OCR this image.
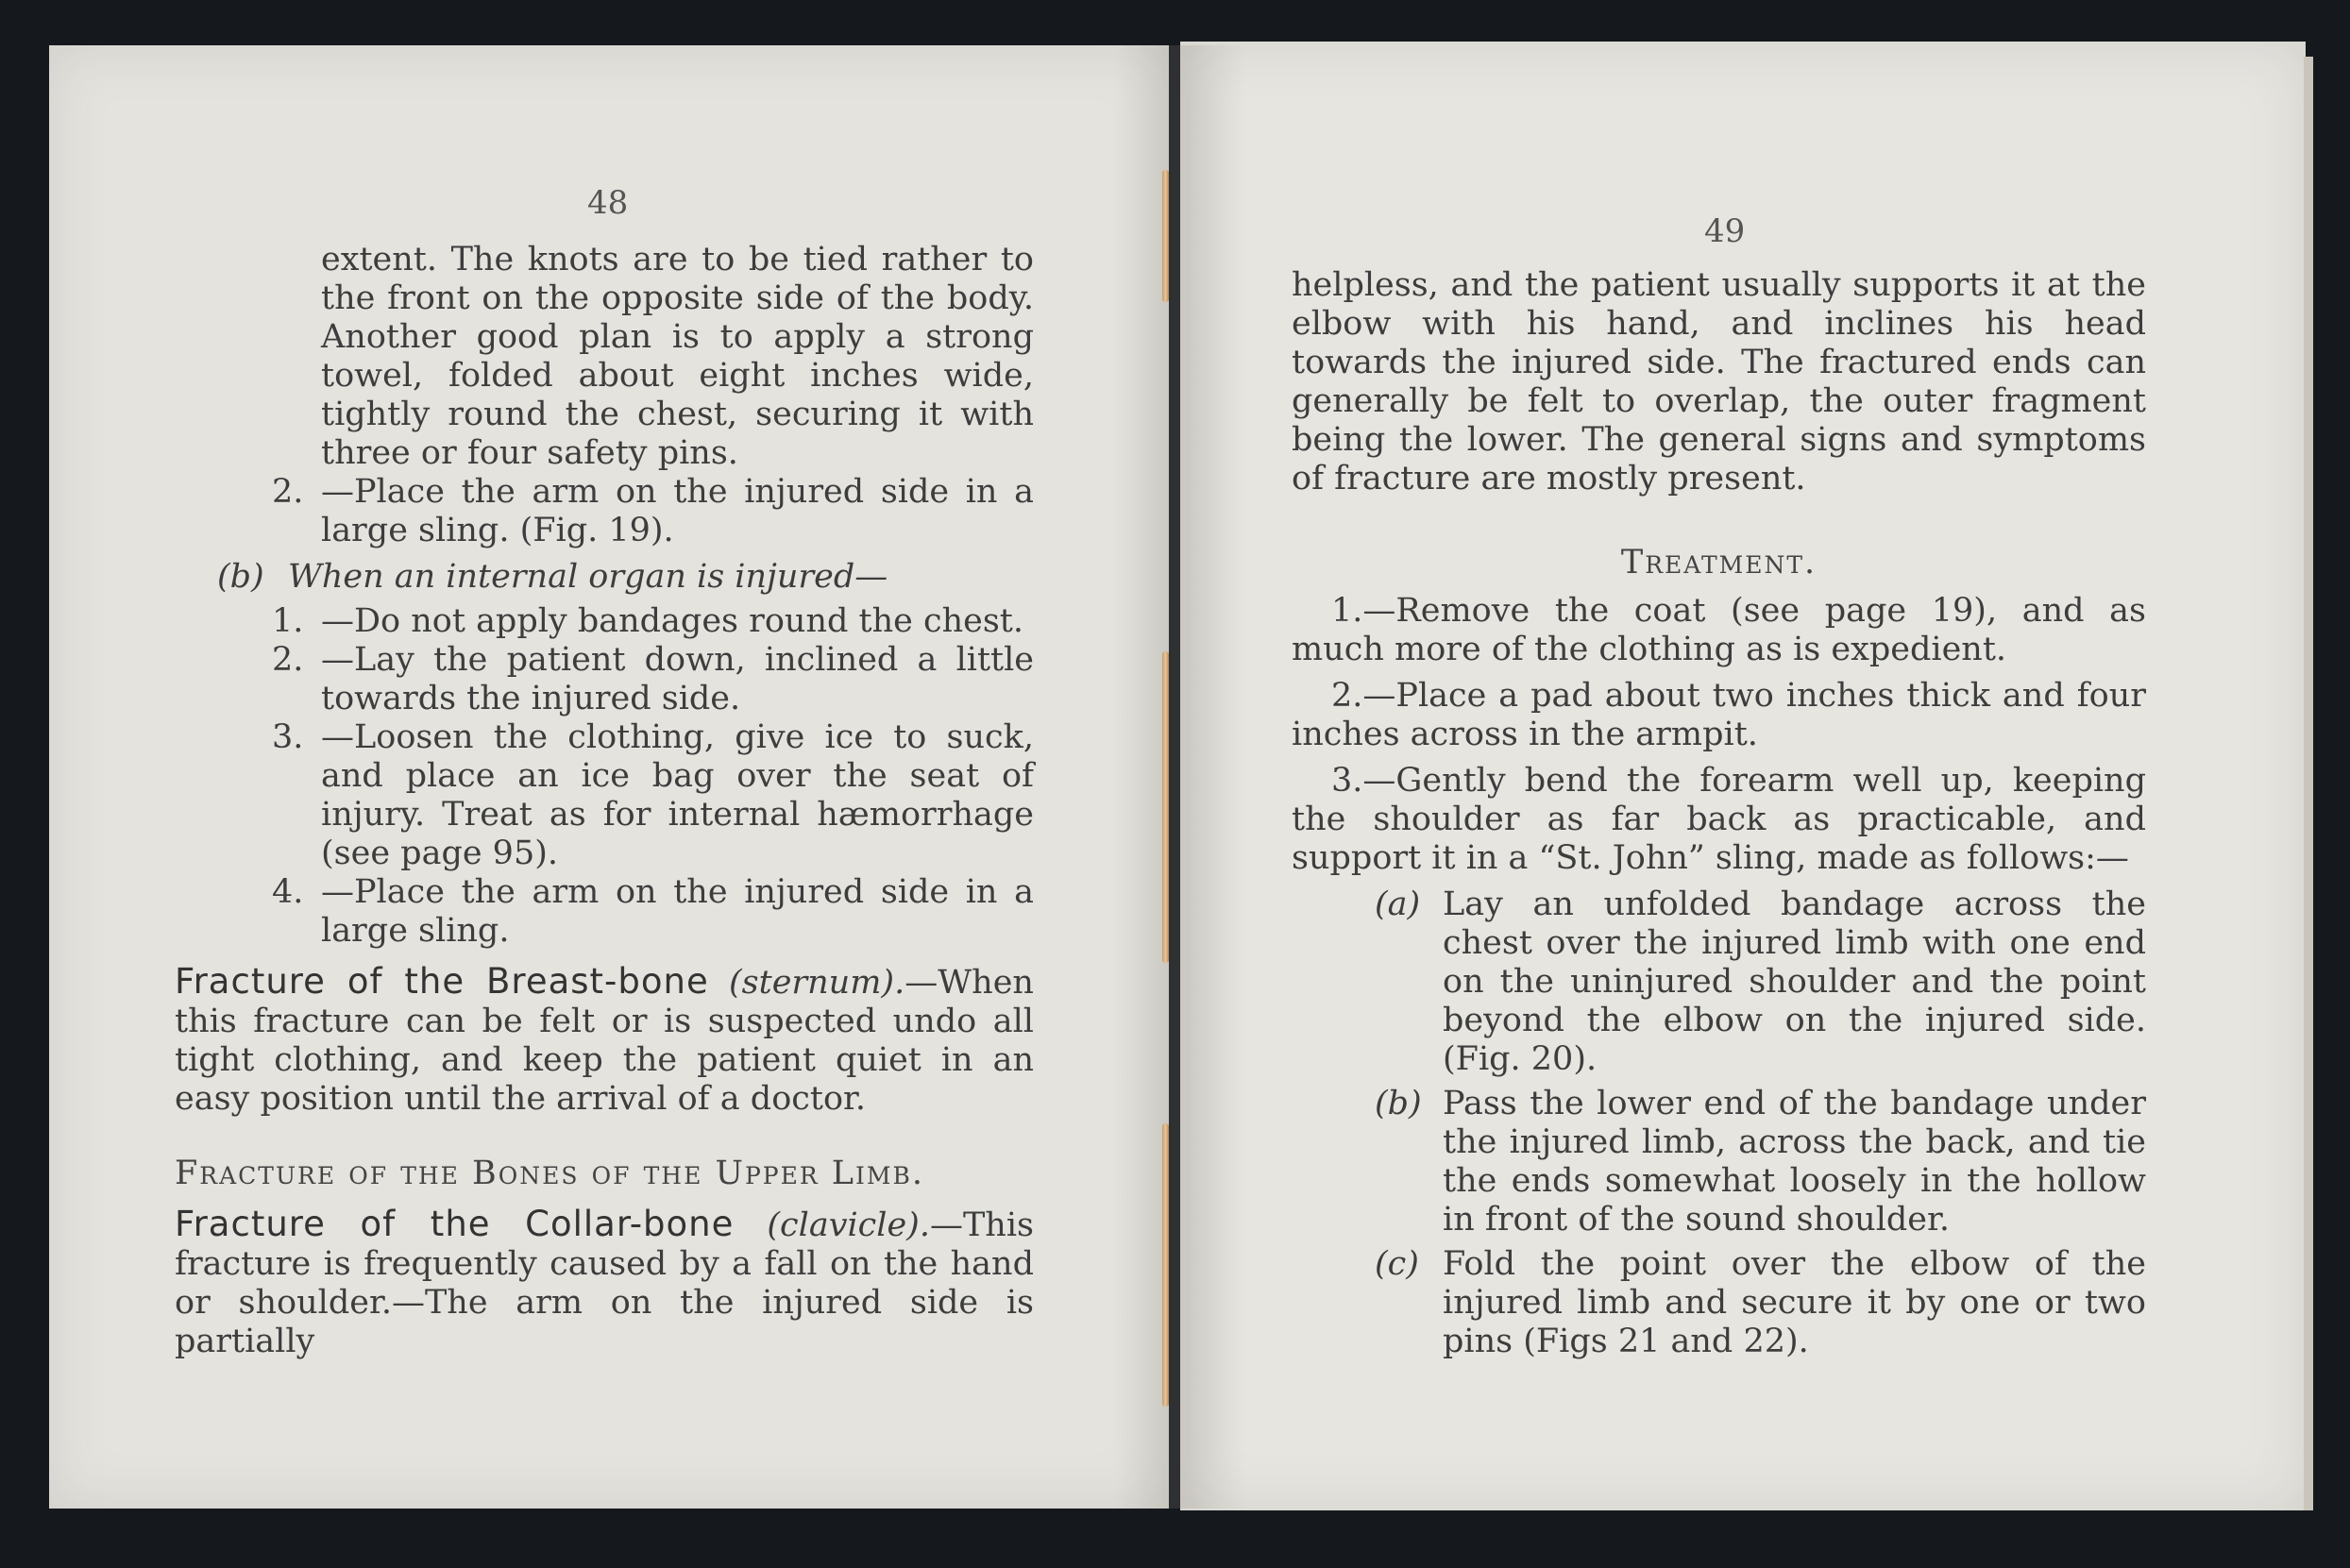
48

extent. The knots are to be tied rather to the front on the opposite side of the body. Another good plan is to apply a strong towel, folded about eight inches wide, tightly round the chest, securing it with three or four safety pins.

2. —Place the arm on the injured side in a large sling. (Fig. 19).
(b) When an internal organ is injured—
1. —Do not apply bandages round the chest.
2. —Lay the patient down, inclined a little towards the injured side.
3. —Loosen the clothing, give ice to suck, and place an ice bag over the seat of injury. Treat as for internal hæmorrhage (see page 95).
4. —Place the arm on the injured side in a large sling.

Fracture of the Breast-bone (sternum).—When this fracture can be felt or is suspected undo all tight clothing, and keep the patient quiet in an easy position until the arrival of a doctor.

Fracture of the Bones of the Upper Limb.

Fracture of the Collar-bone (clavicle).—This fracture is frequently caused by a fall on the hand or shoulder.—The arm on the injured side is partially

49

helpless, and the patient usually supports it at the elbow with his hand, and inclines his head towards the injured side. The fractured ends can generally be felt to overlap, the outer fragment being the lower. The general signs and symptoms of fracture are mostly present.

Treatment.

1.—Remove the coat (see page 19), and as much more of the clothing as is expedient.
2.—Place a pad about two inches thick and four inches across in the armpit.
3.—Gently bend the forearm well up, keeping the shoulder as far back as practicable, and support it in a “St. John” sling, made as follows:—
(a) Lay an unfolded bandage across the chest over the injured limb with one end on the uninjured shoulder and the point beyond the elbow on the injured side. (Fig. 20).
(b) Pass the lower end of the bandage under the injured limb, across the back, and tie the ends somewhat loosely in the hollow in front of the sound shoulder.
(c) Fold the point over the elbow of the injured limb and secure it by one or two pins (Figs 21 and 22).
